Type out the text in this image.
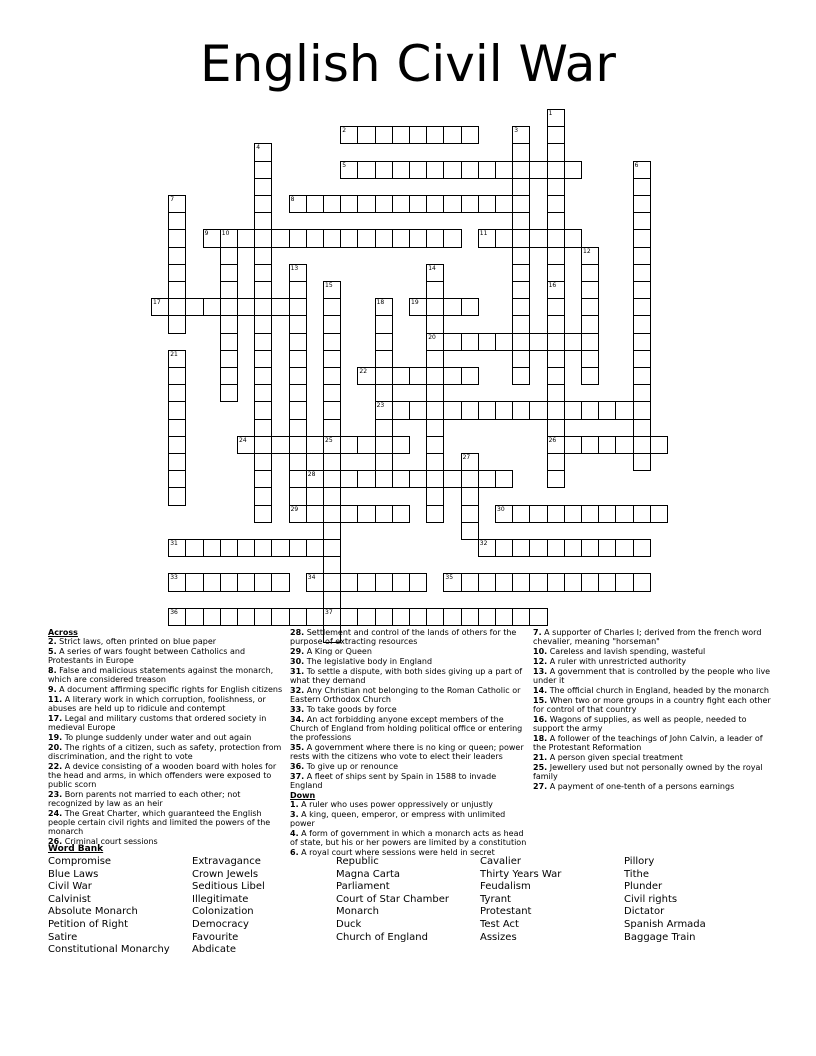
English Civil War
1
2	3
4
5	6
7	8
9 10	11
12
13	14
15	16
17	18	19
20
21
22
23
24	25	26
27
28
29	30
31	32
33	34	35
36	37

Across

2. Strict laws, often printed on blue paper

5. A series of wars fought between Catholics and Protestants in Europe

8. False and malicious statements against the monarch, which are considered treason

9. A document affirming specific rights for English citizens

11. A literary work in which corruption, foolishness, or abuses are held up to ridicule and contempt

17. Legal and military customs that ordered society in medieval Europe

19. To plunge suddenly under water and out again

20. The rights of a citizen, such as safety, protection from discrimination, and the right to vote

22. A device consisting of a wooden board with holes for the head and arms, in which offenders were exposed to public scorn

23. Born parents not married to each other; not recognized by law as an heir

24. The Great Charter, which guaranteed the English people certain civil rights and limited the powers of the monarch

26. Criminal court sessions

28. Settlement and control of the lands of others for the purpose of extracting resources

29. A King or Queen

30. The legislative body in England

31. To settle a dispute, with both sides giving up a part of what they demand

32. Any Christian not belonging to the Roman Catholic or Eastern Orthodox Church

33. To take goods by force

34. An act forbidding anyone except members of the Church of England from holding political office or entering the professions

35. A government where there is no king or queen; power rests with the citizens who vote to elect their leaders

36. To give up or renounce

37. A fleet of ships sent by Spain in 1588 to invade England

Down

1. A ruler who uses power oppressively or unjustly

3. A king, queen, emperor, or empress with unlimited power

4. A form of government in which a monarch acts as head of state, but his or her powers are limited by a constitution

6. A royal court where sessions were held in secret

7. A supporter of Charles I; derived from the french word chevalier, meaning "horseman"

10. Careless and lavish spending, wasteful

12. A ruler with unrestricted authority

13. A government that is controlled by the people who live under it

14. The official church in England, headed by the monarch

15. When two or more groups in a country fight each other for control of that country

16. Wagons of supplies, as well as people, needed to support the army

18. A follower of the teachings of John Calvin, a leader of the Protestant Reformation

21. A person given special treatment

25. Jewellery used but not personally owned by the royal family

27. A payment of one-tenth of a persons earnings

Word Bank

Compromise

Blue Laws

Civil War

Calvinist

Absolute Monarch

Petition of Right

Satire

Constitutional Monarchy

Extravagance

Crown Jewels

Seditious Libel

Illegitimate

Colonization

Democracy

Favourite

Abdicate

Republic

Magna Carta

Parliament

Court of Star Chamber

Monarch

Duck

Church of England

Cavalier

Thirty Years War

Feudalism

Tyrant

Protestant

Test Act

Assizes

Pillory

Tithe

Plunder

Civil rights

Dictator

Spanish Armada

Baggage Train
